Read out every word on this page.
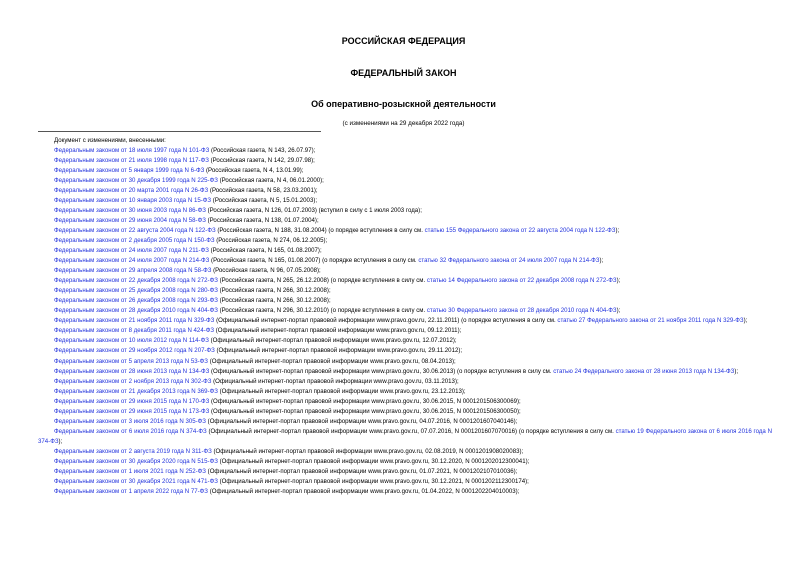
РОССИЙСКАЯ ФЕДЕРАЦИЯ
ФЕДЕРАЛЬНЫЙ ЗАКОН
Об оперативно-розыскной деятельности
(с изменениями на 29 декабря 2022 года)

Документ с изменениями, внесенными:

Федеральным законом от 18 июля 1997 года N 101-ФЗ (Российская газета, N 143, 26.07.97);

Федеральным законом от 21 июля 1998 года N 117-ФЗ (Российская газета, N 142, 29.07.98);

Федеральным законом от 5 января 1999 года N 6-ФЗ (Российская газета, N 4, 13.01.99);

Федеральным законом от 30 декабря 1999 года N 225-ФЗ (Российская газета, N 4, 06.01.2000);

Федеральным законом от 20 марта 2001 года N 26-ФЗ (Российская газета, N 58, 23.03.2001);

Федеральным законом от 10 января 2003 года N 15-ФЗ (Российская газета, N 5, 15.01.2003);

Федеральным законом от 30 июня 2003 года N 86-ФЗ (Российская газета, N 126, 01.07.2003) (вступил в силу с 1 июля 2003 года);

Федеральным законом от 29 июня 2004 года N 58-ФЗ (Российская газета, N 138, 01.07.2004);

Федеральным законом от 22 августа 2004 года N 122-ФЗ (Российская газета, N 188, 31.08.2004) (о порядке вступления в силу см. статью 155 Федерального закона от 22 августа 2004 года N 122-ФЗ);

Федеральным законом от 2 декабря 2005 года N 150-ФЗ (Российская газета, N 274, 06.12.2005);

Федеральным законом от 24 июля 2007 года N 211-ФЗ (Российская газета, N 165, 01.08.2007);

Федеральным законом от 24 июля 2007 года N 214-ФЗ (Российская газета, N 165, 01.08.2007) (о порядке вступления в силу см. статью 32 Федерального закона от 24 июля 2007 года N 214-ФЗ);

Федеральным законом от 29 апреля 2008 года N 58-ФЗ (Российская газета, N 96, 07.05.2008);

Федеральным законом от 22 декабря 2008 года N 272-ФЗ (Российская газета, N 265, 26.12.2008) (о порядке вступления в силу см. статью 14 Федерального закона от 22 декабря 2008 года N 272-ФЗ);

Федеральным законом от 25 декабря 2008 года N 280-ФЗ (Российская газета, N 266, 30.12.2008);

Федеральным законом от 26 декабря 2008 года N 293-ФЗ (Российская газета, N 266, 30.12.2008);

Федеральным законом от 28 декабря 2010 года N 404-ФЗ (Российская газета, N 296, 30.12.2010) (о порядке вступления в силу см. статью 30 Федерального закона от 28 декабря 2010 года N 404-ФЗ);

Федеральным законом от 21 ноября 2011 года N 329-ФЗ (Официальный интернет-портал правовой информации www.pravo.gov.ru, 22.11.2011) (о порядке вступления в силу см. статью 27 Федерального закона от 21 ноября 2011 года N 329-ФЗ);

Федеральным законом от 8 декабря 2011 года N 424-ФЗ (Официальный интернет-портал правовой информации www.pravo.gov.ru, 09.12.2011);

Федеральным законом от 10 июля 2012 года N 114-ФЗ (Официальный интернет-портал правовой информации www.pravo.gov.ru, 12.07.2012);

Федеральным законом от 29 ноября 2012 года N 207-ФЗ (Официальный интернет-портал правовой информации www.pravo.gov.ru, 29.11.2012);

Федеральным законом от 5 апреля 2013 года N 53-ФЗ (Официальный интернет-портал правовой информации www.pravo.gov.ru, 08.04.2013);

Федеральным законом от 28 июня 2013 года N 134-ФЗ (Официальный интернет-портал правовой информации www.pravo.gov.ru, 30.06.2013) (о порядке вступления в силу см. статью 24 Федерального закона от 28 июня 2013 года N 134-ФЗ);

Федеральным законом от 2 ноября 2013 года N 302-ФЗ (Официальный интернет-портал правовой информации www.pravo.gov.ru, 03.11.2013);

Федеральным законом от 21 декабря 2013 года N 369-ФЗ (Официальный интернет-портал правовой информации www.pravo.gov.ru, 23.12.2013);

Федеральным законом от 29 июня 2015 года N 170-ФЗ (Официальный интернет-портал правовой информации www.pravo.gov.ru, 30.06.2015, N 0001201506300069);

Федеральным законом от 29 июня 2015 года N 173-ФЗ (Официальный интернет-портал правовой информации www.pravo.gov.ru, 30.06.2015, N 0001201506300050);

Федеральным законом от 3 июля 2016 года N 305-ФЗ (Официальный интернет-портал правовой информации www.pravo.gov.ru, 04.07.2016, N 0001201607040146);

Федеральным законом от 6 июля 2016 года N 374-ФЗ (Официальный интернет-портал правовой информации www.pravo.gov.ru, 07.07.2016, N 0001201607070016) (о порядке вступления в силу см. статью 19 Федерального закона от 6 июля 2016 года N 374-ФЗ);

Федеральным законом от 2 августа 2019 года N 311-ФЗ (Официальный интернет-портал правовой информации www.pravo.gov.ru, 02.08.2019, N 0001201908020083);

Федеральным законом от 30 декабря 2020 года N 515-ФЗ (Официальный интернет-портал правовой информации www.pravo.gov.ru, 30.12.2020, N 0001202012300041);

Федеральным законом от 1 июля 2021 года N 252-ФЗ (Официальный интернет-портал правовой информации www.pravo.gov.ru, 01.07.2021, N 0001202107010036);

Федеральным законом от 30 декабря 2021 года N 471-ФЗ (Официальный интернет-портал правовой информации www.pravo.gov.ru, 30.12.2021, N 0001202112300174);

Федеральным законом от 1 апреля 2022 года N 77-ФЗ (Официальный интернет-портал правовой информации www.pravo.gov.ru, 01.04.2022, N 0001202204010003);
